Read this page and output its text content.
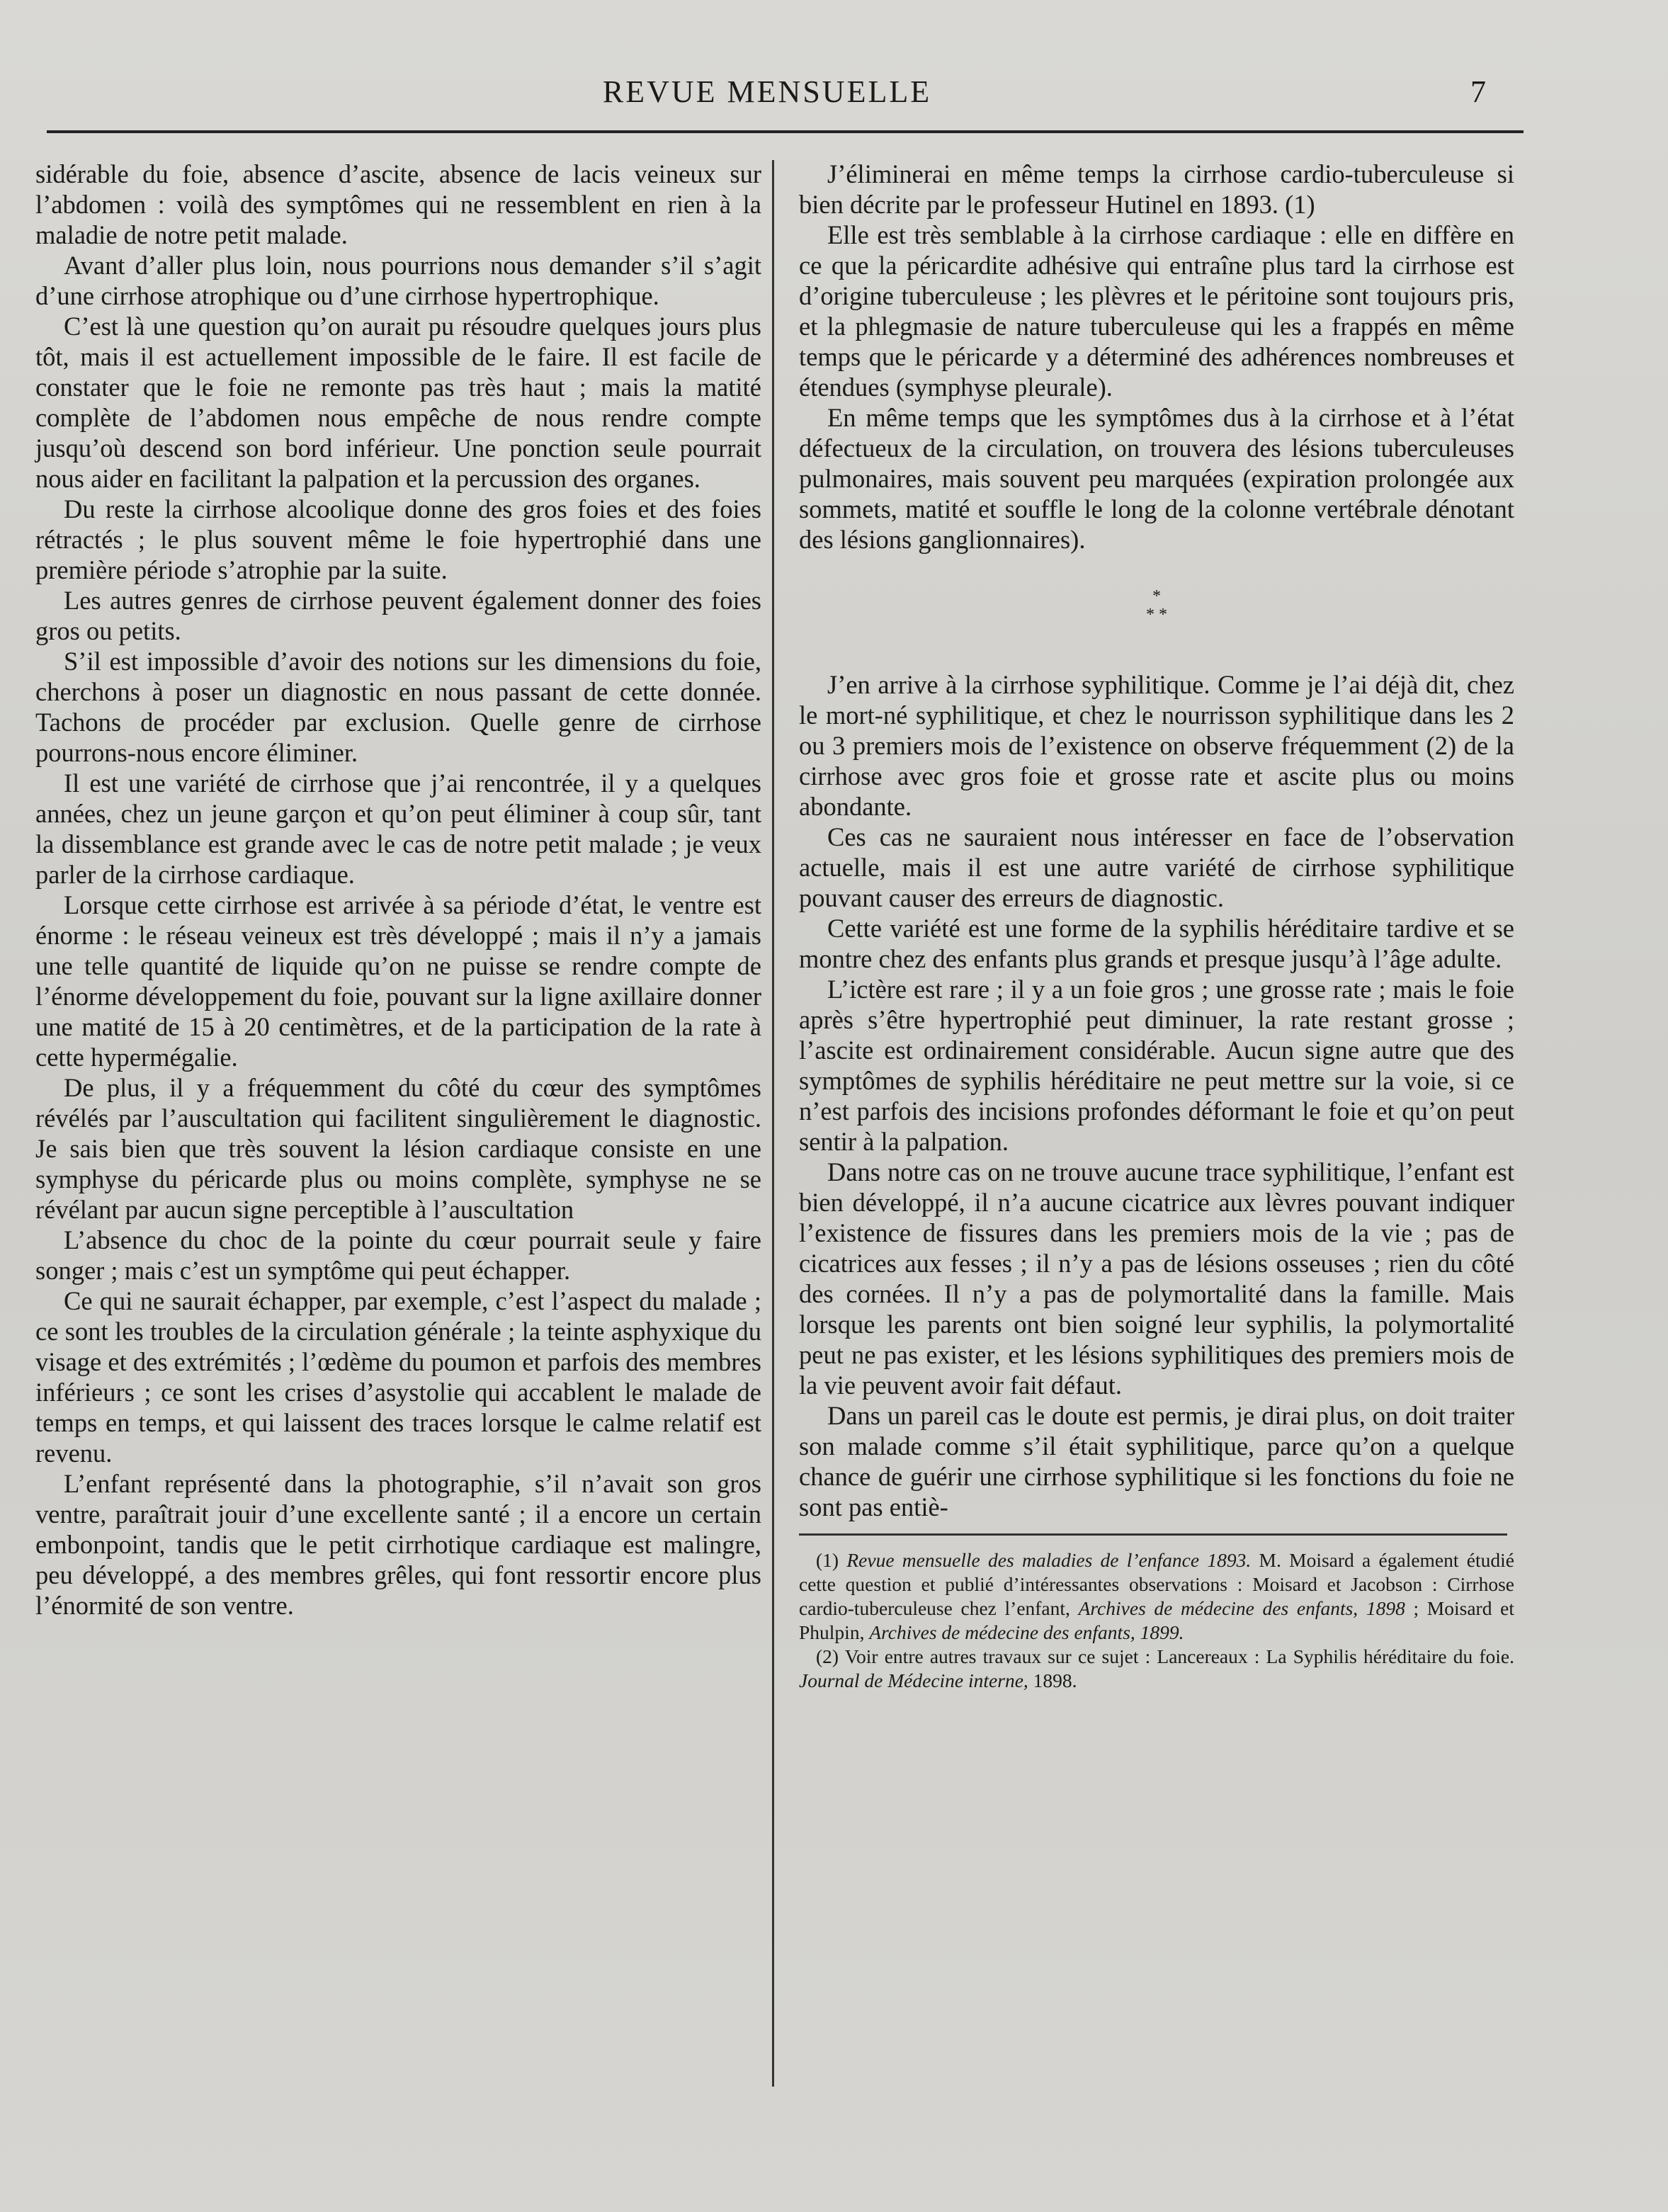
REVUE MENSUELLE	7

sidérable du foie, absence d’ascite, absence de lacis veineux sur l’abdomen : voilà des symptômes qui ne ressemblent en rien à la maladie de notre petit malade.

Avant d’aller plus loin, nous pourrions nous demander s’il s’agit d’une cirrhose atrophique ou d’une cirrhose hypertrophique.

C’est là une question qu’on aurait pu résoudre quelques jours plus tôt, mais il est actuellement impossible de le faire. Il est facile de constater que le foie ne remonte pas très haut ; mais la matité complète de l’abdomen nous empêche de nous rendre compte jusqu’où descend son bord inférieur. Une ponction seule pourrait nous aider en facilitant la palpation et la percussion des organes.

Du reste la cirrhose alcoolique donne des gros foies et des foies rétractés ; le plus souvent même le foie hypertrophié dans une première période s’atrophie par la suite.

Les autres genres de cirrhose peuvent également donner des foies gros ou petits.

S’il est impossible d’avoir des notions sur les dimensions du foie, cherchons à poser un diagnostic en nous passant de cette donnée. Tachons de procéder par exclusion. Quelle genre de cirrhose pourrons-nous encore éliminer.

Il est une variété de cirrhose que j’ai rencontrée, il y a quelques années, chez un jeune garçon et qu’on peut éliminer à coup sûr, tant la dissemblance est grande avec le cas de notre petit malade ; je veux parler de la cirrhose cardiaque.

Lorsque cette cirrhose est arrivée à sa période d’état, le ventre est énorme : le réseau veineux est très développé ; mais il n’y a jamais une telle quantité de liquide qu’on ne puisse se rendre compte de l’énorme développement du foie, pouvant sur la ligne axillaire donner une matité de 15 à 20 centimètres, et de la participation de la rate à cette hypermégalie.

De plus, il y a fréquemment du côté du cœur des symptômes révélés par l’auscultation qui facilitent singulièrement le diagnostic. Je sais bien que très souvent la lésion cardiaque consiste en une symphyse du péricarde plus ou moins complète, symphyse ne se révélant par aucun signe perceptible à l’auscultation

L’absence du choc de la pointe du cœur pourrait seule y faire songer ; mais c’est un symptôme qui peut échapper.

Ce qui ne saurait échapper, par exemple, c’est l’aspect du malade ; ce sont les troubles de la circulation générale ; la teinte asphyxique du visage et des extrémités ; l’œdème du poumon et parfois des membres inférieurs ; ce sont les crises d’asystolie qui accablent le malade de temps en temps, et qui laissent des traces lorsque le calme relatif est revenu.

L’enfant représenté dans la photographie, s’il n’avait son gros ventre, paraîtrait jouir d’une excellente santé ; il a encore un certain embonpoint, tandis que le petit cirrhotique cardiaque est malingre, peu développé, a des membres grêles, qui font ressortir encore plus l’énormité de son ventre.

J’éliminerai en même temps la cirrhose cardio-tuberculeuse si bien décrite par le professeur Hutinel en 1893. (1)

Elle est très semblable à la cirrhose cardiaque : elle en diffère en ce que la péricardite adhésive qui entraîne plus tard la cirrhose est d’origine tuberculeuse ; les plèvres et le péritoine sont toujours pris, et la phlegmasie de nature tuberculeuse qui les a frappés en même temps que le péricarde y a déterminé des adhérences nombreuses et étendues (symphyse pleurale).

En même temps que les symptômes dus à la cirrhose et à l’état défectueux de la circulation, on trouvera des lésions tuberculeuses pulmonaires, mais souvent peu marquées (expiration prolongée aux sommets, matité et souffle le long de la colonne vertébrale dénotant des lésions ganglionnaires).

*
* *

J’en arrive à la cirrhose syphilitique. Comme je l’ai déjà dit, chez le mort-né syphilitique, et chez le nourrisson syphilitique dans les 2 ou 3 premiers mois de l’existence on observe fréquemment (2) de la cirrhose avec gros foie et grosse rate et ascite plus ou moins abondante.

Ces cas ne sauraient nous intéresser en face de l’observation actuelle, mais il est une autre variété de cirrhose syphilitique pouvant causer des erreurs de diagnostic.

Cette variété est une forme de la syphilis héréditaire tardive et se montre chez des enfants plus grands et presque jusqu’à l’âge adulte.

L’ictère est rare ; il y a un foie gros ; une grosse rate ; mais le foie après s’être hypertrophié peut diminuer, la rate restant grosse ; l’ascite est ordinairement considérable. Aucun signe autre que des symptômes de syphilis héréditaire ne peut mettre sur la voie, si ce n’est parfois des incisions profondes déformant le foie et qu’on peut sentir à la palpation.

Dans notre cas on ne trouve aucune trace syphilitique, l’enfant est bien développé, il n’a aucune cicatrice aux lèvres pouvant indiquer l’existence de fissures dans les premiers mois de la vie ; pas de cicatrices aux fesses ; il n’y a pas de lésions osseuses ; rien du côté des cornées. Il n’y a pas de polymortalité dans la famille. Mais lorsque les parents ont bien soigné leur syphilis, la polymortalité peut ne pas exister, et les lésions syphilitiques des premiers mois de la vie peuvent avoir fait défaut.

Dans un pareil cas le doute est permis, je dirai plus, on doit traiter son malade comme s’il était syphilitique, parce qu’on a quelque chance de guérir une cirrhose syphilitique si les fonctions du foie ne sont pas entiè-

(1) Revue mensuelle des maladies de l’enfance 1893. M. Moisard a également étudié cette question et publié d’intéressantes observations : Moisard et Jacobson : Cirrhose cardio-tuberculeuse chez l’enfant, Archives de médecine des enfants, 1898 ; Moisard et Phulpin, Archives de médecine des enfants, 1899.

(2) Voir entre autres travaux sur ce sujet : Lancereaux : La Syphilis héréditaire du foie. Journal de Médecine interne, 1898.
